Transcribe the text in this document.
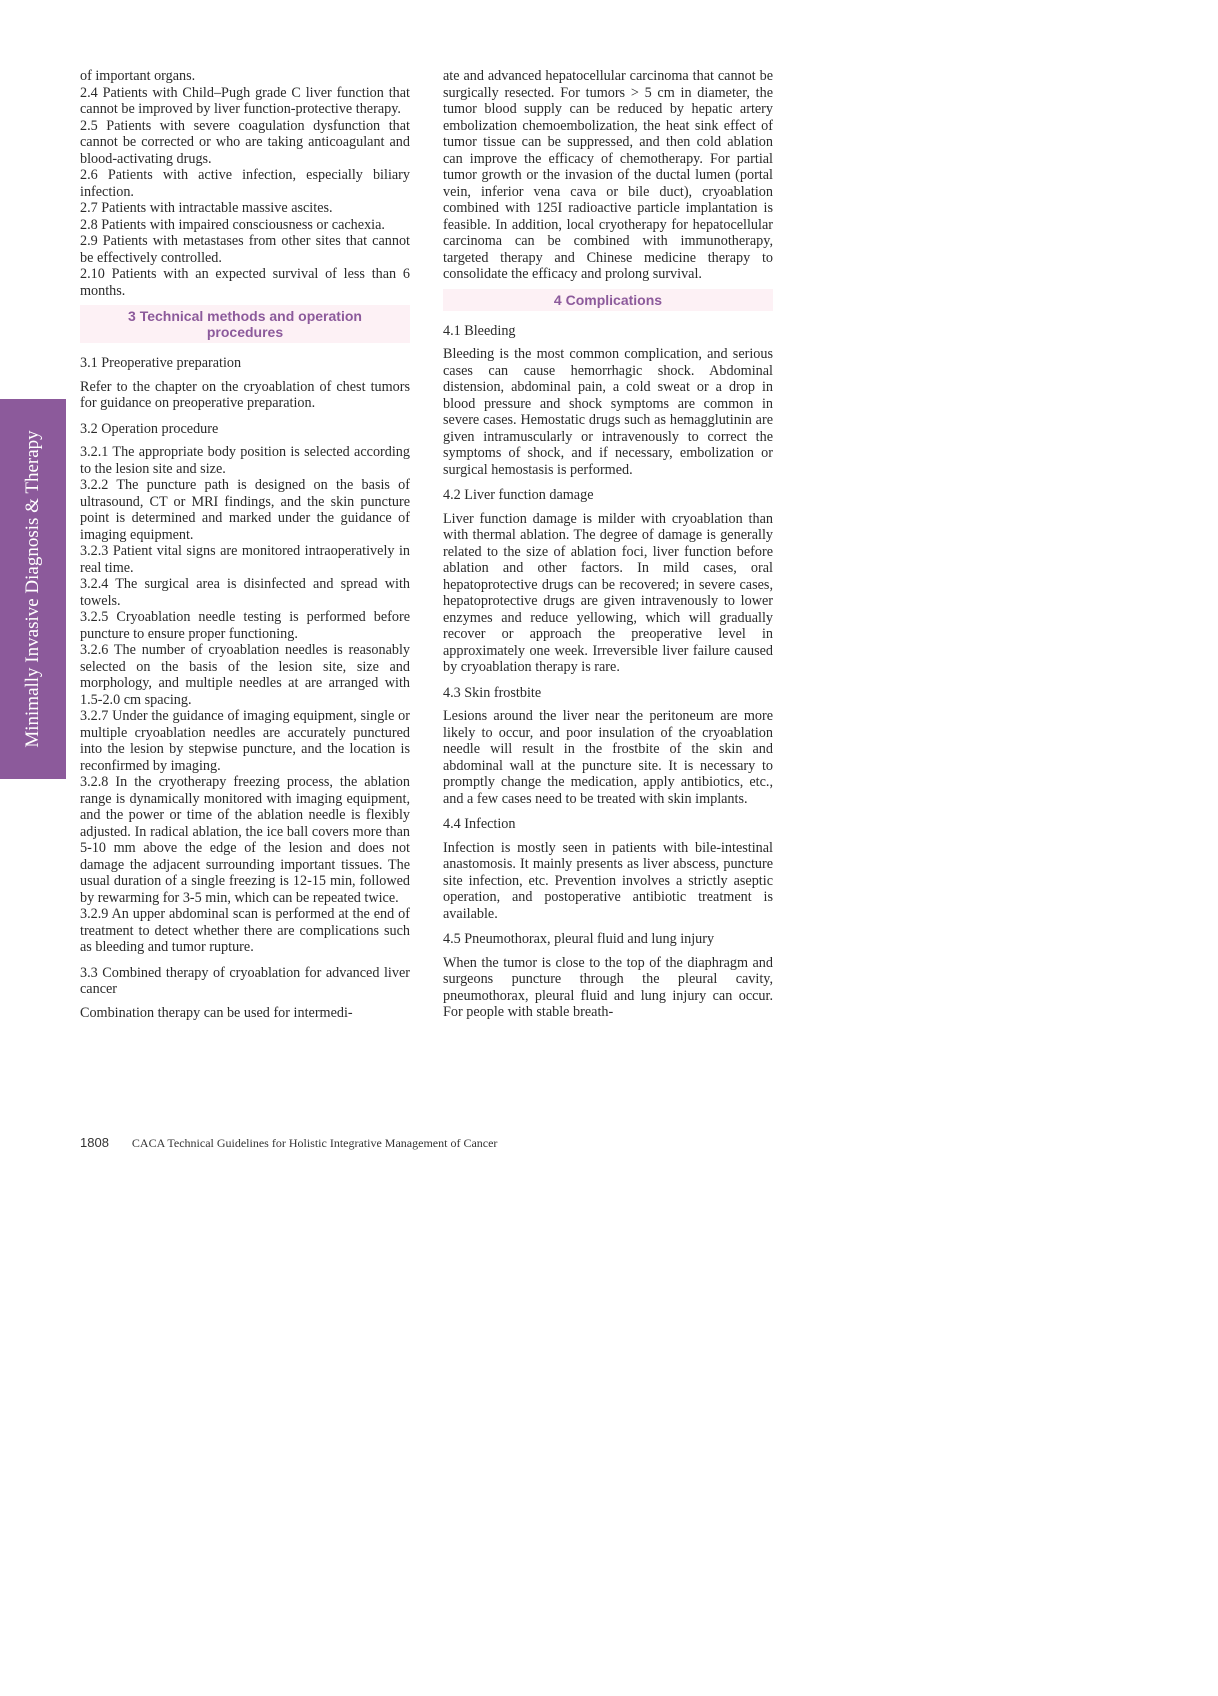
Minimally Invasive Diagnosis & Therapy

of important organs.

2.4 Patients with Child–Pugh grade C liver function that cannot be improved by liver function-protective therapy.

2.5 Patients with severe coagulation dysfunction that cannot be corrected or who are taking anticoagulant and blood-activating drugs.

2.6 Patients with active infection, especially biliary infection.

2.7 Patients with intractable massive ascites.

2.8 Patients with impaired consciousness or cachexia.

2.9 Patients with metastases from other sites that cannot be effectively controlled.

2.10 Patients with an expected survival of less than 6 months.

3 Technical methods and operation procedures

3.1 Preoperative preparation

Refer to the chapter on the cryoablation of chest tumors for guidance on preoperative preparation.

3.2 Operation procedure

3.2.1 The appropriate body position is selected according to the lesion site and size.

3.2.2 The puncture path is designed on the basis of ultrasound, CT or MRI findings, and the skin puncture point is determined and marked under the guidance of imaging equipment.

3.2.3 Patient vital signs are monitored intraoperatively in real time.

3.2.4 The surgical area is disinfected and spread with towels.

3.2.5 Cryoablation needle testing is performed before puncture to ensure proper functioning.

3.2.6 The number of cryoablation needles is reasonably selected on the basis of the lesion site, size and morphology, and multiple needles at are arranged with 1.5-2.0 cm spacing.

3.2.7 Under the guidance of imaging equipment, single or multiple cryoablation needles are accurately punctured into the lesion by stepwise puncture, and the location is reconfirmed by imaging.

3.2.8 In the cryotherapy freezing process, the ablation range is dynamically monitored with imaging equipment, and the power or time of the ablation needle is flexibly adjusted. In radical ablation, the ice ball covers more than 5-10 mm above the edge of the lesion and does not damage the adjacent surrounding important tissues. The usual duration of a single freezing is 12-15 min, followed by rewarming for 3-5 min, which can be repeated twice.

3.2.9 An upper abdominal scan is performed at the end of treatment to detect whether there are complications such as bleeding and tumor rupture.

3.3 Combined therapy of cryoablation for advanced liver cancer

Combination therapy can be used for intermedi-

ate and advanced hepatocellular carcinoma that cannot be surgically resected. For tumors > 5 cm in diameter, the tumor blood supply can be reduced by hepatic artery embolization chemoembolization, the heat sink effect of tumor tissue can be suppressed, and then cold ablation can improve the efficacy of chemotherapy. For partial tumor growth or the invasion of the ductal lumen (portal vein, inferior vena cava or bile duct), cryoablation combined with 125I radioactive particle implantation is feasible. In addition, local cryotherapy for hepatocellular carcinoma can be combined with immunotherapy, targeted therapy and Chinese medicine therapy to consolidate the efficacy and prolong survival.

4 Complications

4.1 Bleeding

Bleeding is the most common complication, and serious cases can cause hemorrhagic shock. Abdominal distension, abdominal pain, a cold sweat or a drop in blood pressure and shock symptoms are common in severe cases. Hemostatic drugs such as hemagglutinin are given intramuscularly or intravenously to correct the symptoms of shock, and if necessary, embolization or surgical hemostasis is performed.

4.2 Liver function damage

Liver function damage is milder with cryoablation than with thermal ablation. The degree of damage is generally related to the size of ablation foci, liver function before ablation and other factors. In mild cases, oral hepatoprotective drugs can be recovered; in severe cases, hepatoprotective drugs are given intravenously to lower enzymes and reduce yellowing, which will gradually recover or approach the preoperative level in approximately one week. Irreversible liver failure caused by cryoablation therapy is rare.

4.3 Skin frostbite

Lesions around the liver near the peritoneum are more likely to occur, and poor insulation of the cryoablation needle will result in the frostbite of the skin and abdominal wall at the puncture site. It is necessary to promptly change the medication, apply antibiotics, etc., and a few cases need to be treated with skin implants.

4.4 Infection

Infection is mostly seen in patients with bile-intestinal anastomosis. It mainly presents as liver abscess, puncture site infection, etc. Prevention involves a strictly aseptic operation, and postoperative antibiotic treatment is available.

4.5 Pneumothorax, pleural fluid and lung injury

When the tumor is close to the top of the diaphragm and surgeons puncture through the pleural cavity, pneumothorax, pleural fluid and lung injury can occur. For people with stable breath-

1808 CACA Technical Guidelines for Holistic Integrative Management of Cancer
